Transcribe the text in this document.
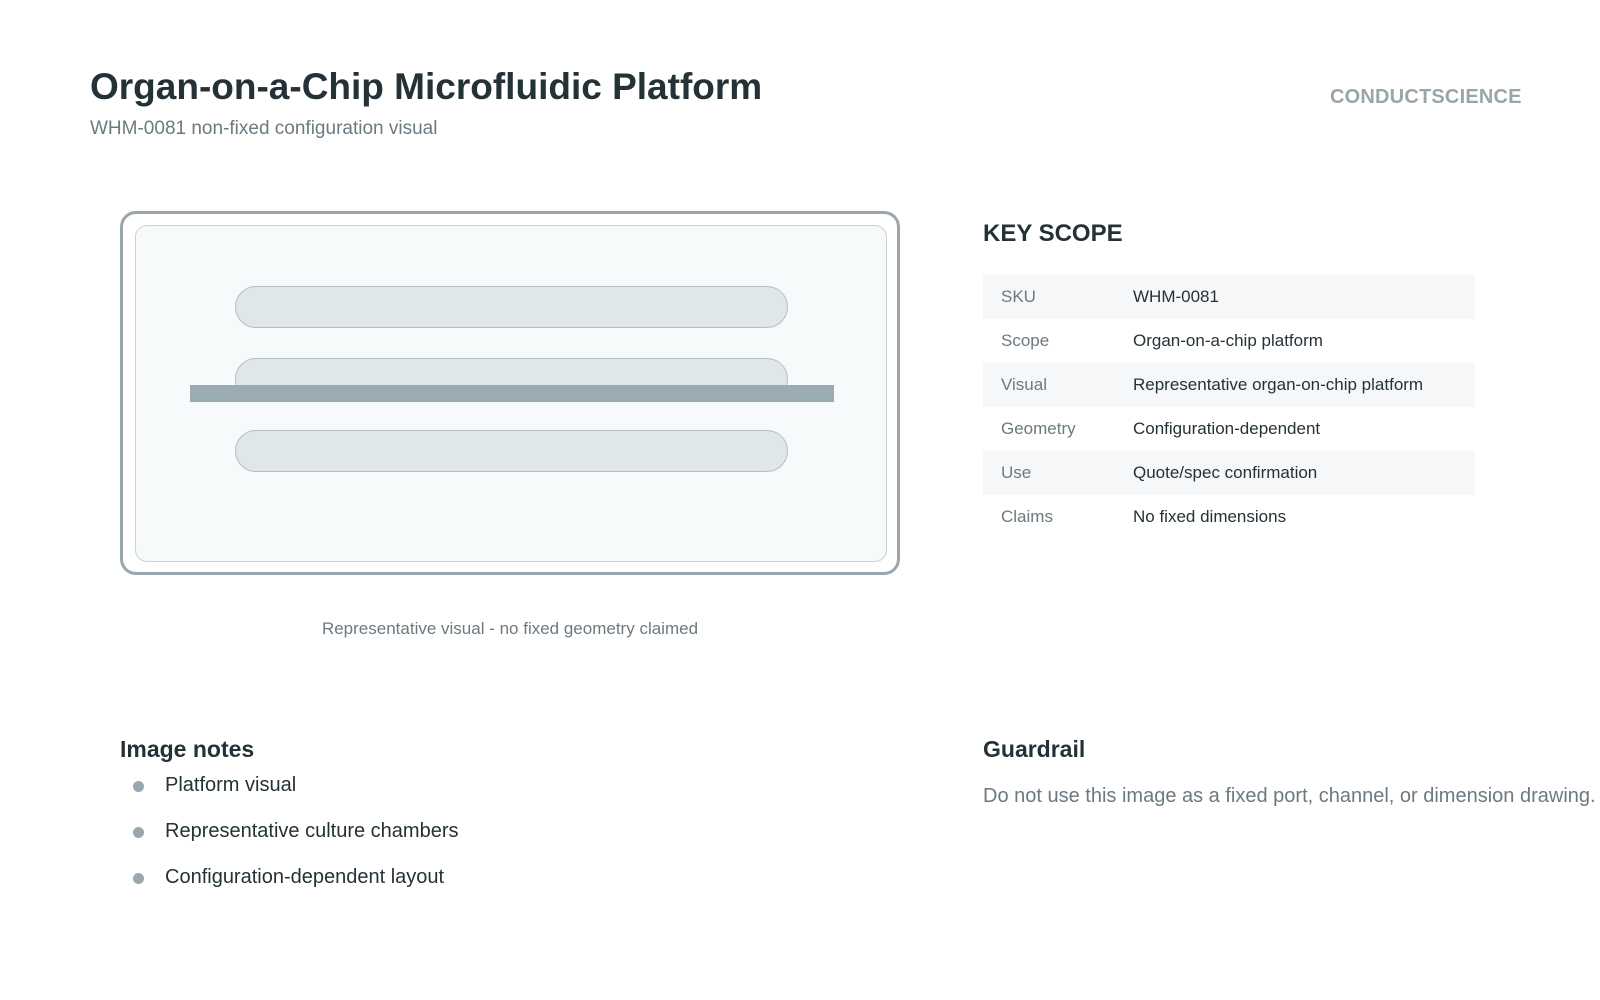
Organ-on-a-Chip Microfluidic Platform
WHM-0081 non-fixed configuration visual
CONDUCTSCIENCE
Representative visual - no fixed geometry claimed
KEY SCOPE
SKU	WHM-0081
Scope	Organ-on-a-chip platform
Visual	Representative organ-on-chip platform
Geometry	Configuration-dependent
Use	Quote/spec confirmation
Claims	No fixed dimensions
Image notes
Platform visual
Representative culture chambers
Configuration-dependent layout
Guardrail
Do not use this image as a fixed port, channel, or dimension drawing.
